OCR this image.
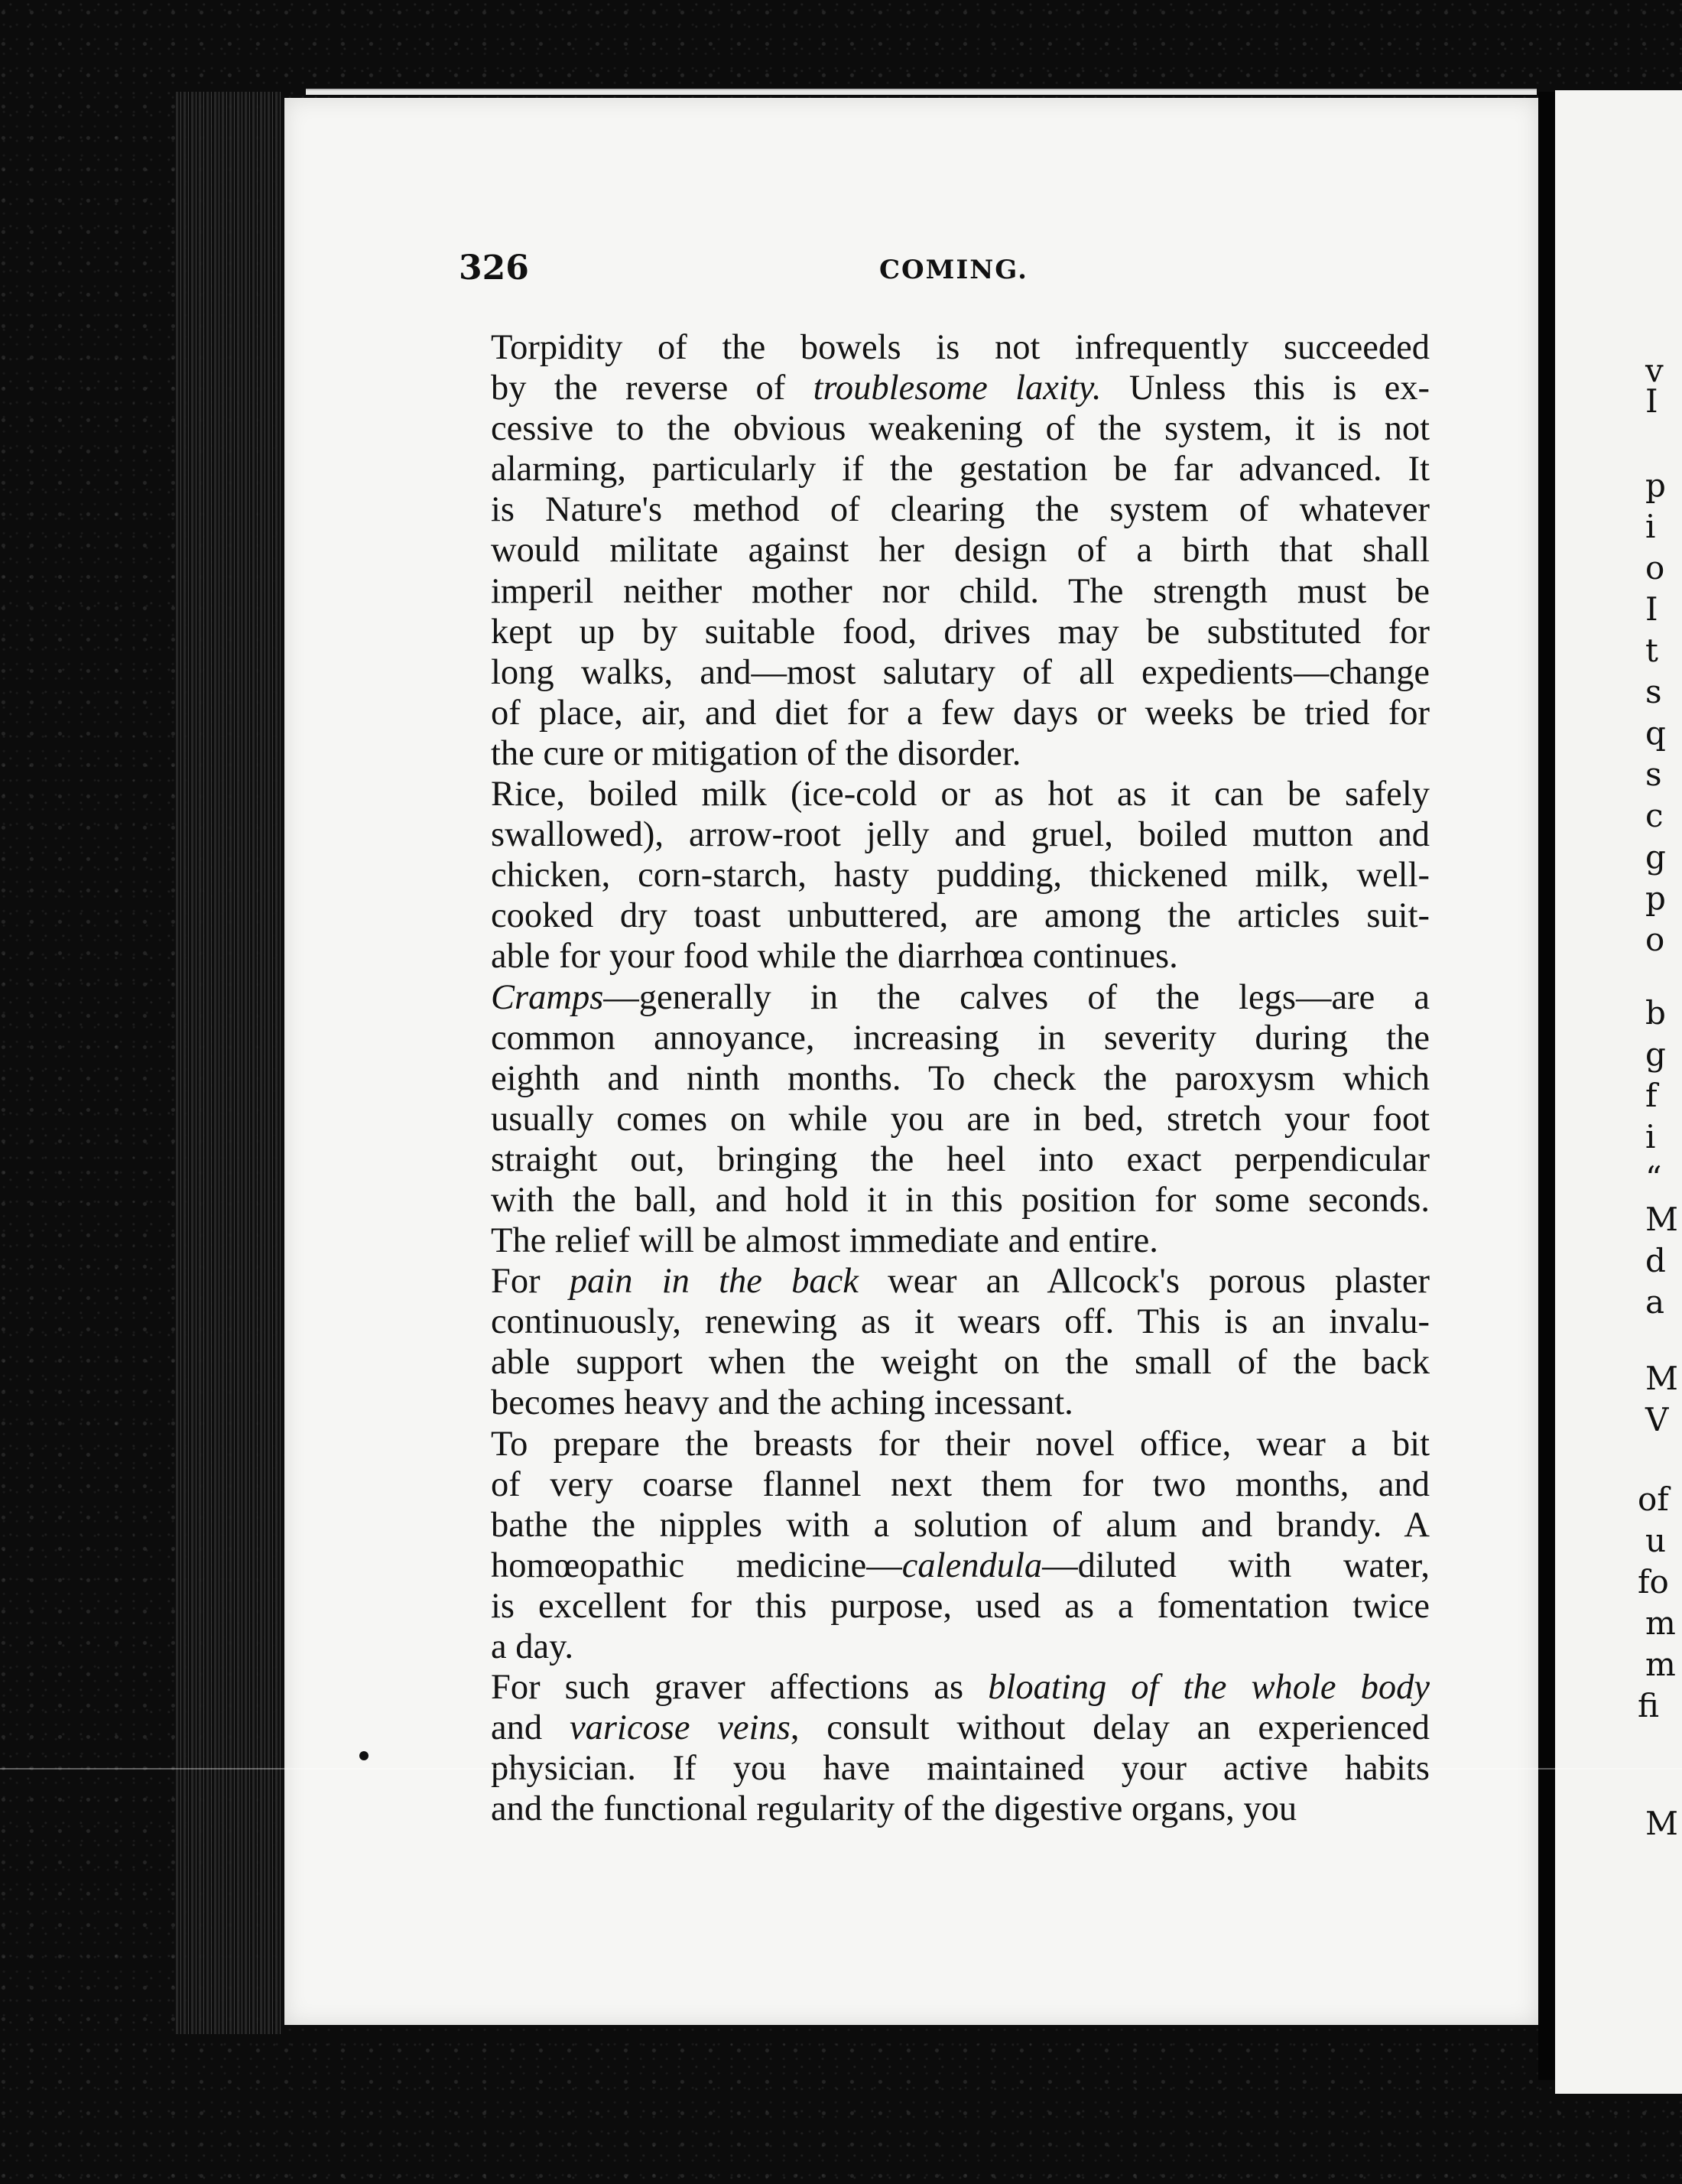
v
I
p
i
o
I
t
s
q
s
c
g
p
o
b
g
f
i
“
M
d
a
M
V
of
u
fo
m
m
fi
M
326	COMING.
Torpidity of the bowels is not infrequently succeeded
by the reverse of troublesome laxity. Unless this is ex-
cessive to the obvious weakening of the system, it is not
alarming, particularly if the gestation be far advanced. It
is Nature's method of clearing the system of whatever
would militate against her design of a birth that shall
imperil neither mother nor child. The strength must be
kept up by suitable food, drives may be substituted for
long walks, and—most salutary of all expedients—change
of place, air, and diet for a few days or weeks be tried for
the cure or mitigation of the disorder.
Rice, boiled milk (ice-cold or as hot as it can be safely
swallowed), arrow-root jelly and gruel, boiled mutton and
chicken, corn-starch, hasty pudding, thickened milk, well-
cooked dry toast unbuttered, are among the articles suit-
able for your food while the diarrhœa continues.
Cramps—generally in the calves of the legs—are a
common annoyance, increasing in severity during the
eighth and ninth months. To check the paroxysm which
usually comes on while you are in bed, stretch your foot
straight out, bringing the heel into exact perpendicular
with the ball, and hold it in this position for some seconds.
The relief will be almost immediate and entire.
For pain in the back wear an Allcock's porous plaster
continuously, renewing as it wears off. This is an invalu-
able support when the weight on the small of the back
becomes heavy and the aching incessant.
To prepare the breasts for their novel office, wear a bit
of very coarse flannel next them for two months, and
bathe the nipples with a solution of alum and brandy. A
homœopathic medicine—calendula—diluted with water,
is excellent for this purpose, used as a fomentation twice
a day.
For such graver affections as bloating of the whole body
and varicose veins, consult without delay an experienced
physician. If you have maintained your active habits
and the functional regularity of the digestive organs, you
